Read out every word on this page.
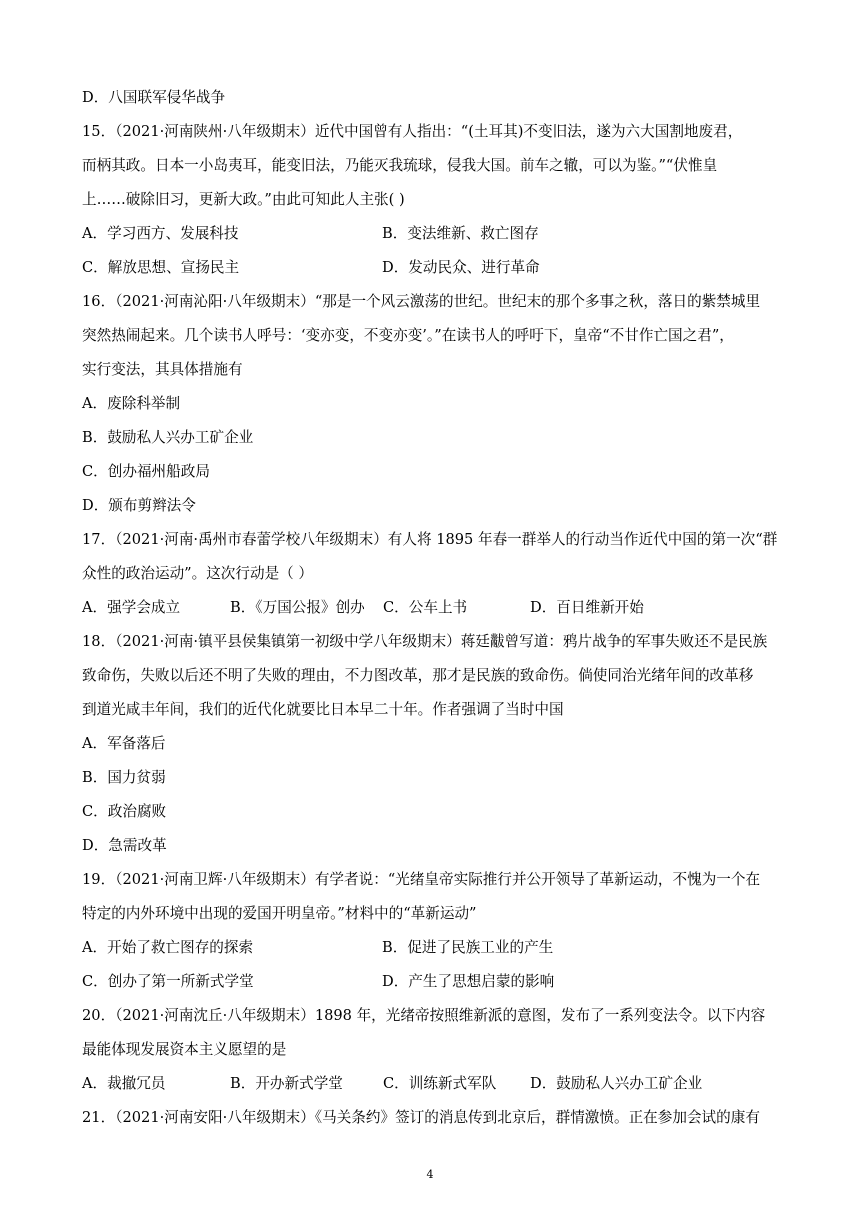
D．八国联军侵华战争
15．（2021·河南陕州·八年级期末）近代中国曾有人指出：“(土耳其)不变旧法，遂为六大国割地废君，
而柄其政。日本一小岛夷耳，能变旧法，乃能灭我琉球，侵我大国。前车之辙，可以为鉴。”“伏惟皇
上……破除旧习，更新大政。”由此可知此人主张( )
A．学习西方、发展科技	B．变法维新、救亡图存
C．解放思想、宣扬民主	D．发动民众、进行革命
16．（2021·河南沁阳·八年级期末）“那是一个风云激荡的世纪。世纪末的那个多事之秋，落日的紫禁城里
突然热闹起来。几个读书人呼号：‘变亦变，不变亦变’。”在读书人的呼吁下，皇帝“不甘作亡国之君”，
实行变法，其具体措施有
A．废除科举制
B．鼓励私人兴办工矿企业
C．创办福州船政局
D．颁布剪辫法令
17．（2021·河南·禹州市春蕾学校八年级期末）有人将 1895 年春一群举人的行动当作近代中国的第一次“群
众性的政治运动”。这次行动是（ ）
A．强学会成立	B．《万国公报》创办 C．公车上书	D．百日维新开始
18．（2021·河南·镇平县侯集镇第一初级中学八年级期末）蒋廷黻曾写道：鸦片战争的军事失败还不是民族
致命伤，失败以后还不明了失败的理由，不力图改革，那才是民族的致命伤。倘使同治光绪年间的改革移
到道光咸丰年间，我们的近代化就要比日本早二十年。作者强调了当时中国
A．军备落后
B．国力贫弱
C．政治腐败
D．急需改革
19．（2021·河南卫辉·八年级期末）有学者说：“光绪皇帝实际推行并公开领导了革新运动，不愧为一个在
特定的内外环境中出现的爱国开明皇帝。”材料中的“革新运动”
A．开始了救亡图存的探索	B．促进了民族工业的产生
C．创办了第一所新式学堂	D．产生了思想启蒙的影响
20．（2021·河南沈丘·八年级期末）1898 年，光绪帝按照维新派的意图，发布了一系列变法令。以下内容
最能体现发展资本主义愿望的是
A．裁撤冗员	B．开办新式学堂	C．训练新式军队 D．鼓励私人兴办工矿企业
21．（2021·河南安阳·八年级期末）《马关条约》签订的消息传到北京后，群情激愤。正在参加会试的康有
4
